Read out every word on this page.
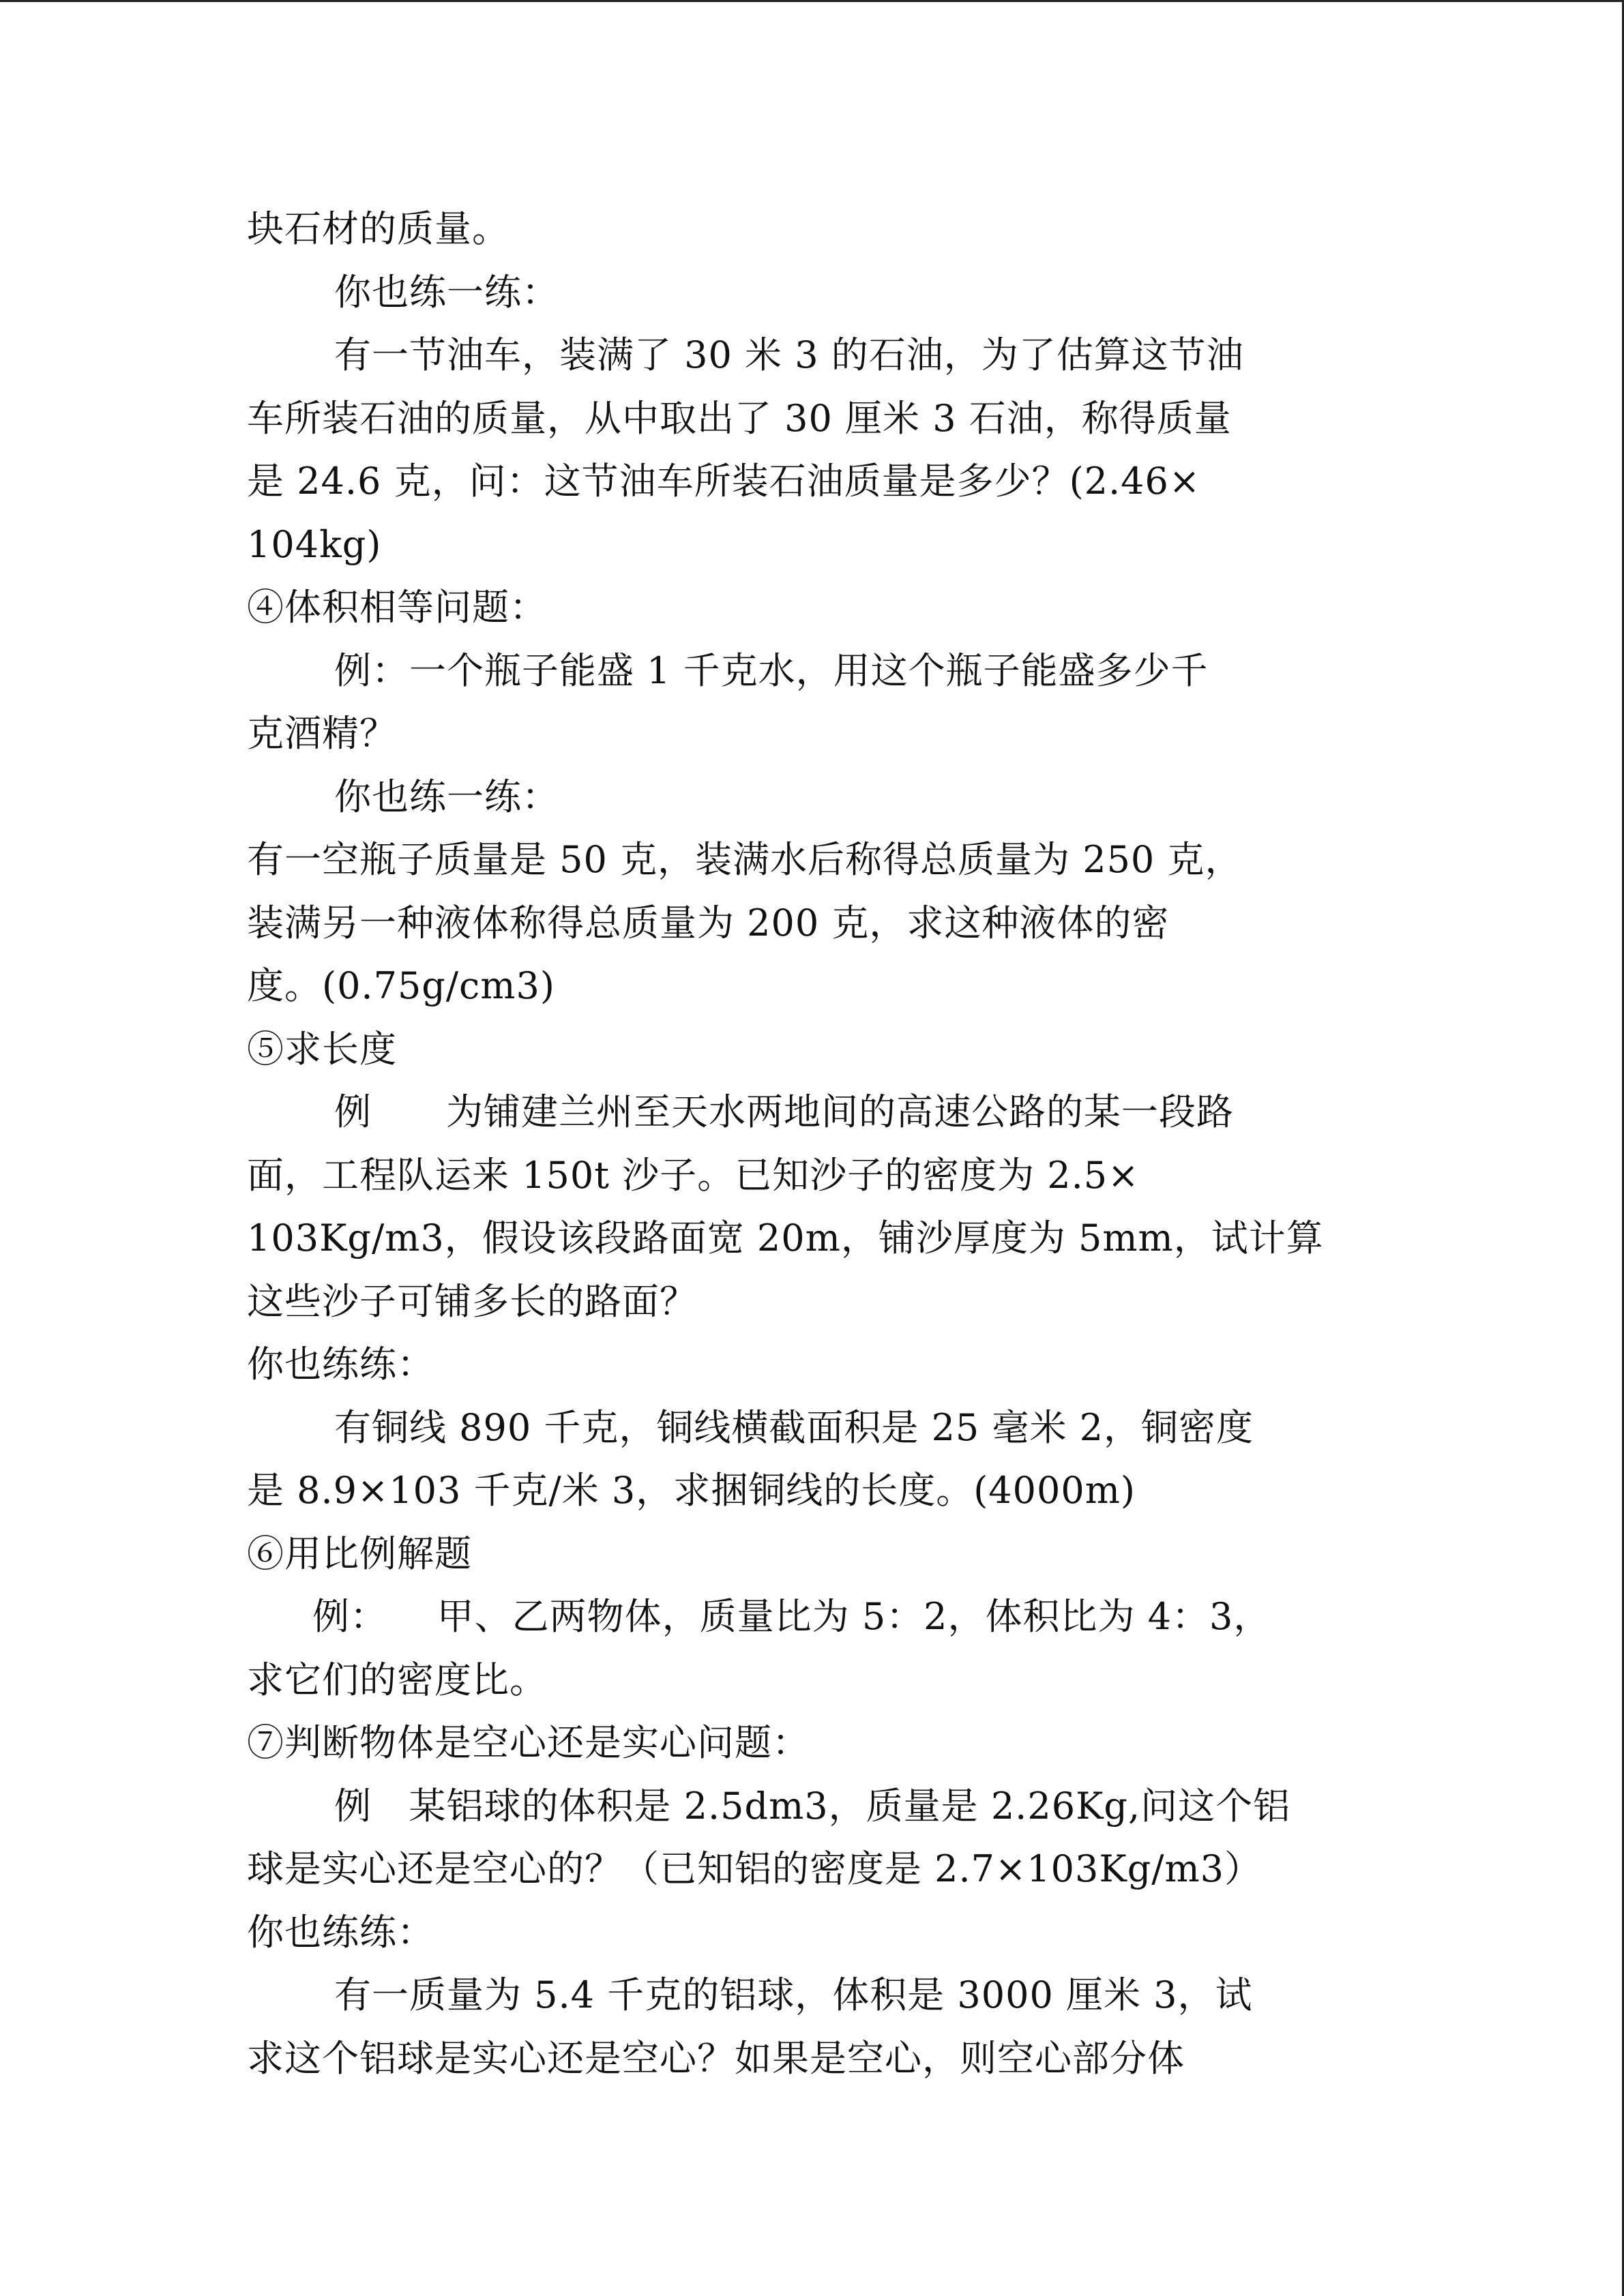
块石材的质量。
你也练一练：
有一节油车，装满了 30 米 3 的石油，为了估算这节油
车所装石油的质量，从中取出了 30 厘米 3 石油，称得质量
是 24.6 克，问：这节油车所装石油质量是多少？(2.46×
104kg)
④体积相等问题：
例：一个瓶子能盛 1 千克水，用这个瓶子能盛多少千
克酒精？
你也练一练：
有一空瓶子质量是 50 克，装满水后称得总质量为 250 克，
装满另一种液体称得总质量为 200 克，求这种液体的密
度。(0.75g/cm3)
⑤求长度
例      为铺建兰州至天水两地间的高速公路的某一段路
面，工程队运来 150t 沙子。已知沙子的密度为 2.5×
103Kg/m3，假设该段路面宽 20m，铺沙厚度为 5mm，试计算
这些沙子可铺多长的路面？
你也练练：
有铜线 890 千克，铜线横截面积是 25 毫米 2，铜密度
是 8.9×103 千克/米 3，求捆铜线的长度。(4000m)
⑥用比例解题
例：    甲、乙两物体，质量比为 5：2，体积比为 4：3，
求它们的密度比。
⑦判断物体是空心还是实心问题：
例   某铝球的体积是 2.5dm3，质量是 2.26Kg,问这个铝
球是实心还是空心的？（已知铝的密度是 2.7×103Kg/m3）
你也练练：
有一质量为 5.4 千克的铝球，体积是 3000 厘米 3，试
求这个铝球是实心还是空心？如果是空心，则空心部分体
